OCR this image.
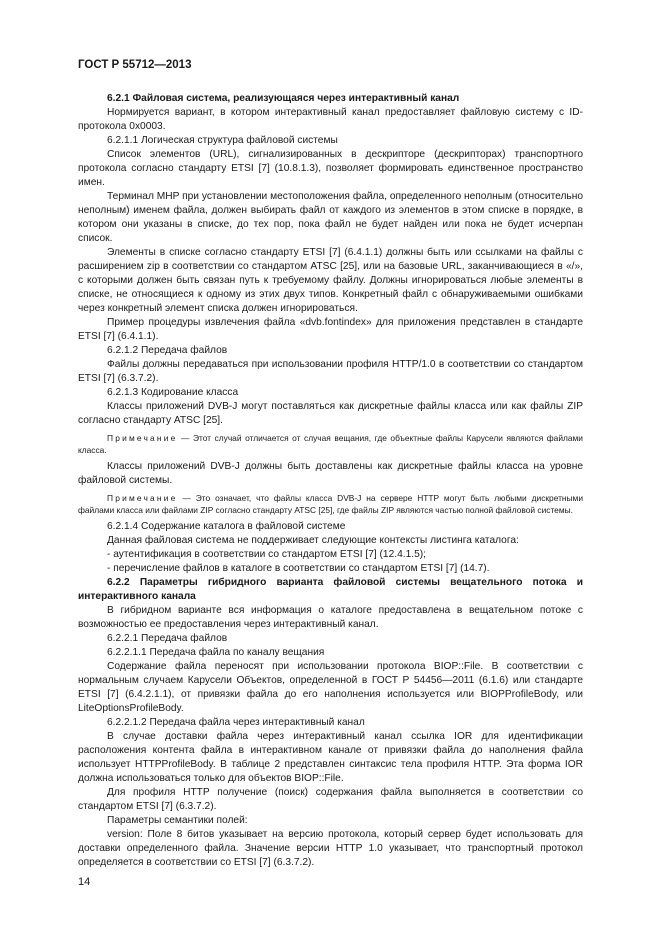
ГОСТ Р 55712—2013

6.2.1 Файловая система, реализующаяся через интерактивный канал

Нормируется вариант, в котором интерактивный канал предоставляет файловую систему с ID-протокола 0x0003.

6.2.1.1 Логическая структура файловой системы

Список элементов (URL), сигнализированных в дескрипторе (дескрипторах) транспортного протокола согласно стандарту ETSI [7] (10.8.1.3), позволяет формировать единственное пространство имен.

Терминал MHP при установлении местоположения файла, определенного неполным (относительно неполным) именем файла, должен выбирать файл от каждого из элементов в этом списке в порядке, в котором они указаны в списке, до тех пор, пока файл не будет найден или пока не будет исчерпан список.

Элементы в списке согласно стандарту ETSI [7] (6.4.1.1) должны быть или ссылками на файлы с расширением zip в соответствии со стандартом ATSC [25], или на базовые URL, заканчивающиеся в «/», с которыми должен быть связан путь к требуемому файлу. Должны игнорироваться любые элементы в списке, не относящиеся к одному из этих двух типов. Конкретный файл с обнаруживаемыми ошибками через конкретный элемент списка должен игнорироваться.

Пример процедуры извлечения файла «dvb.fontindex» для приложения представлен в стандарте ETSI [7] (6.4.1.1).

6.2.1.2 Передача файлов

Файлы должны передаваться при использовании профиля HTTP/1.0 в соответствии со стандартом ETSI [7] (6.3.7.2).

6.2.1.3 Кодирование класса

Классы приложений DVB-J могут поставляться как дискретные файлы класса или как файлы ZIP согласно стандарту ATSC [25].

Примечание — Этот случай отличается от случая вещания, где объектные файлы Карусели являются файлами класса.

Классы приложений DVB-J должны быть доставлены как дискретные файлы класса на уровне файловой системы.

Примечание — Это означает, что файлы класса DVB-J на сервере HTTP могут быть любыми дискретными файлами класса или файлами ZIP согласно стандарту ATSC [25], где файлы ZIP являются частью полной файловой системы.

6.2.1.4 Содержание каталога в файловой системе

Данная файловая система не поддерживает следующие контексты листинга каталога:

- аутентификация в соответствии со стандартом ETSI [7] (12.4.1.5);

- перечисление файлов в каталоге в соответствии со стандартом ETSI [7] (14.7).

6.2.2 Параметры гибридного варианта файловой системы вещательного потока и интерактивного канала

В гибридном варианте вся информация о каталоге предоставлена в вещательном потоке с возможностью ее предоставления через интерактивный канал.

6.2.2.1 Передача файлов

6.2.2.1.1 Передача файла по каналу вещания

Содержание файла переносят при использовании протокола BIOP::File. В соответствии с нормальным случаем Карусели Объектов, определенной в ГОСТ Р 54456—2011 (6.1.6) или стандарте ETSI [7] (6.4.2.1.1), от привязки файла до его наполнения используется или BIOPProfileBody, или LiteOptionsProfileBody.

6.2.2.1.2 Передача файла через интерактивный канал

В случае доставки файла через интерактивный канал ссылка IOR для идентификации расположения контента файла в интерактивном канале от привязки файла до наполнения файла использует HTTPProfileBody. В таблице 2 представлен синтаксис тела профиля HTTP. Эта форма IOR должна использоваться только для объектов BIOP::File.

Для профиля HTTP получение (поиск) содержания файла выполняется в соответствии со стандартом ETSI [7] (6.3.7.2).

Параметры семантики полей:

version: Поле 8 битов указывает на версию протокола, который сервер будет использовать для доставки определенного файла. Значение версии HTTP 1.0 указывает, что транспортный протокол определяется в соответствии со ETSI [7] (6.3.7.2).

14
